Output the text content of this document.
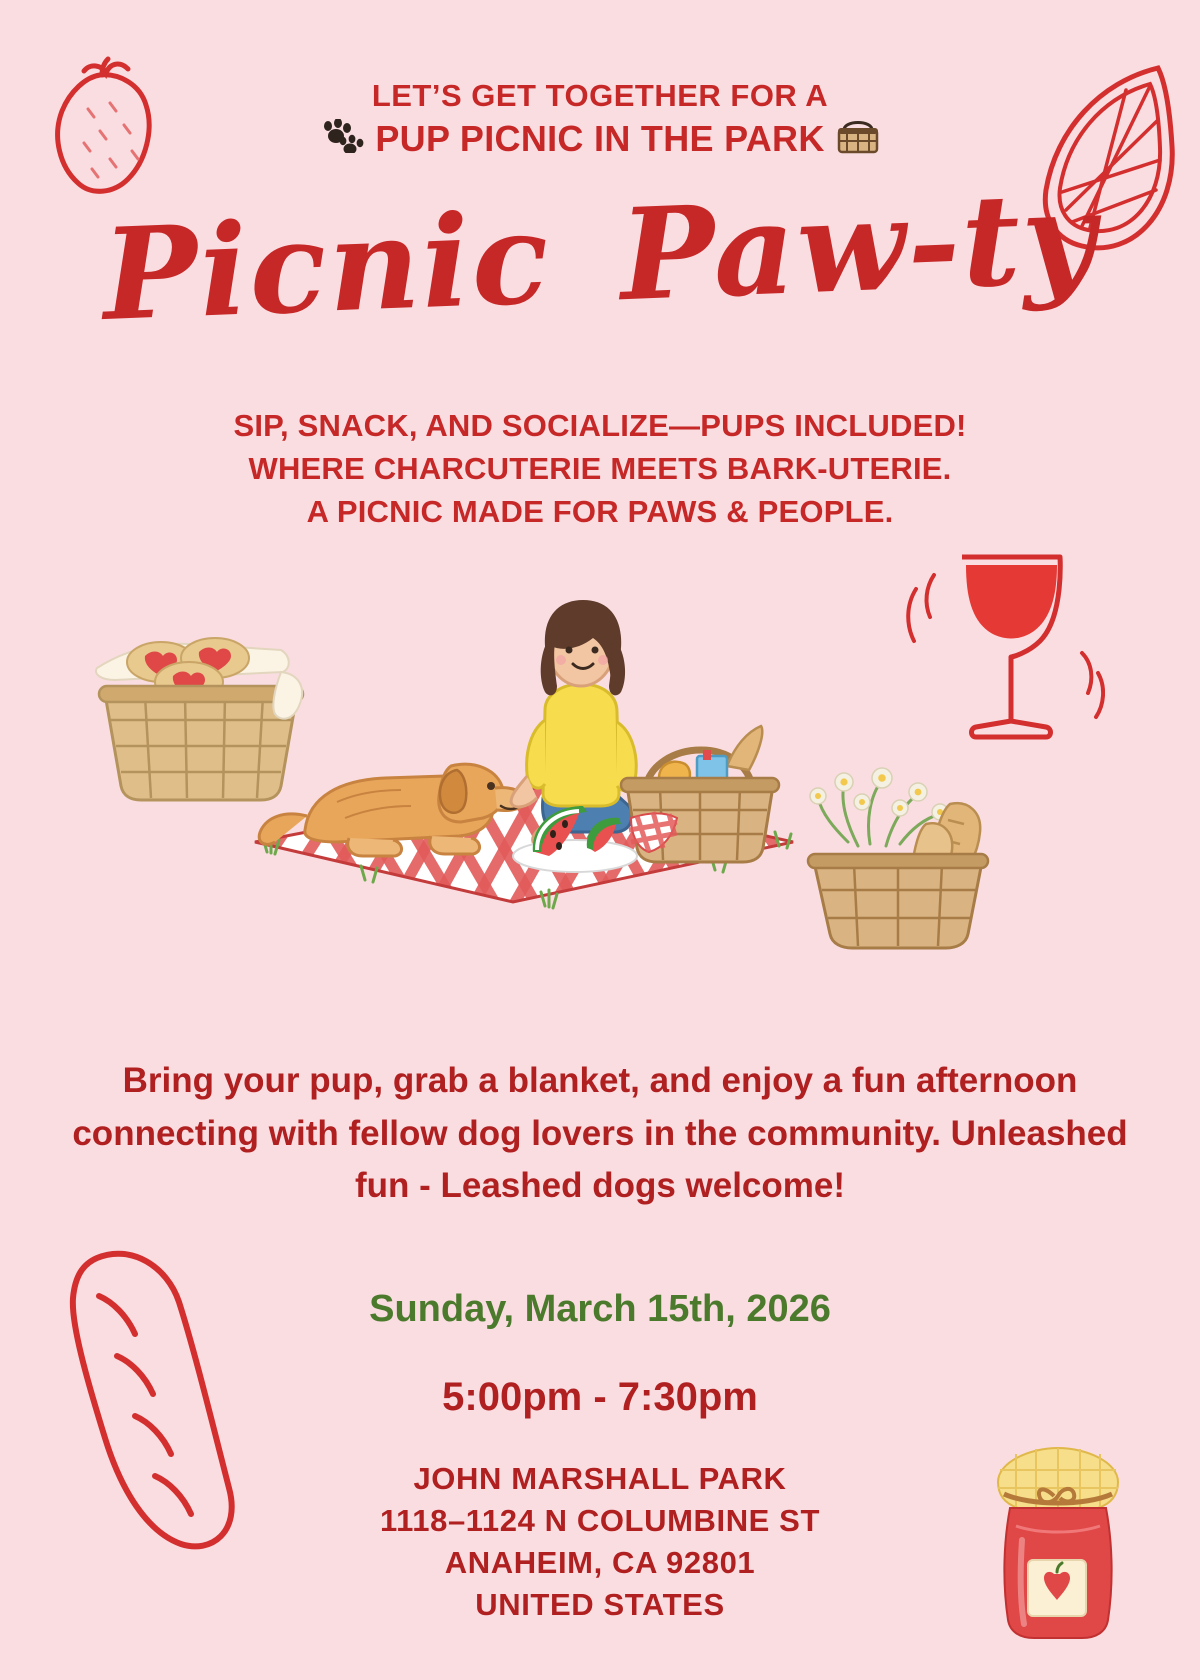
LET’S GET TOGETHER FOR A
PUP PICNIC IN THE PARK
Picnic Paw-ty
SIP, SNACK, AND SOCIALIZE—PUPS INCLUDED!
WHERE CHARCUTERIE MEETS BARK-UTERIE.
A PICNIC MADE FOR PAWS & PEOPLE.
Bring your pup, grab a blanket, and enjoy a fun afternoon connecting with fellow dog lovers in the community. Unleashed fun - Leashed dogs welcome!
Sunday, March 15th, 2026
5:00pm - 7:30pm
JOHN MARSHALL PARK
1118–1124 N COLUMBINE ST
ANAHEIM, CA 92801
UNITED STATES
